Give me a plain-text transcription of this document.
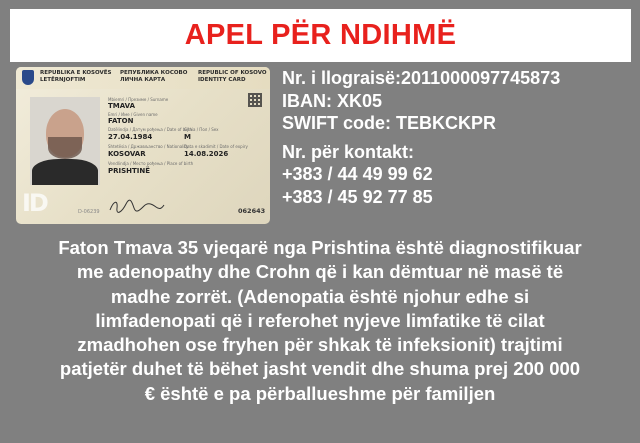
APEL PËR NDIHMË
REPUBLIKA E KOSOVËS
LETËRNJOFTIM
РЕПУБЛИКА КОСОВО
ЛИЧНА КАРТА
REPUBLIC OF KOSOVO
IDENTITY CARD
Mbiemri / Презиме / Surname
TMAVA
Emri / Име / Given name
FATON
Datëlindja / Датум рођења / Date of birth
27.04.1984
Gjinia / Пол / Sex
M
Shtetësia / Држављанство / Nationality
KOSOVAR
Data e skadimit / Date of expiry
14.08.2026
Vendlindja / Место рођења / Place of birth
PRISHTINË
ID	D-06239	062643
Nr. i llograisë:201100009774587​3
IBAN: XK05
SWIFT code: TEBKCKPR
Nr. për kontakt:
+383 / 44 49 99 62
+383 / 45 92 77 85
Faton Tmava 35 vjeqarë nga Prishtina është diagnostifikuar
me adenopathy dhe Crohn që i kan dëmtuar në masë të
madhe zorrët. (Adenopatia është njohur edhe si
limfadenopati që i referohet nyjeve limfatike të cilat
zmadhohen ose fryhen për shkak të infeksionit) trajtimi
patjetër duhet të bëhet jasht vendit dhe shuma prej 200 000
€ është e pa përballueshme për familjen
